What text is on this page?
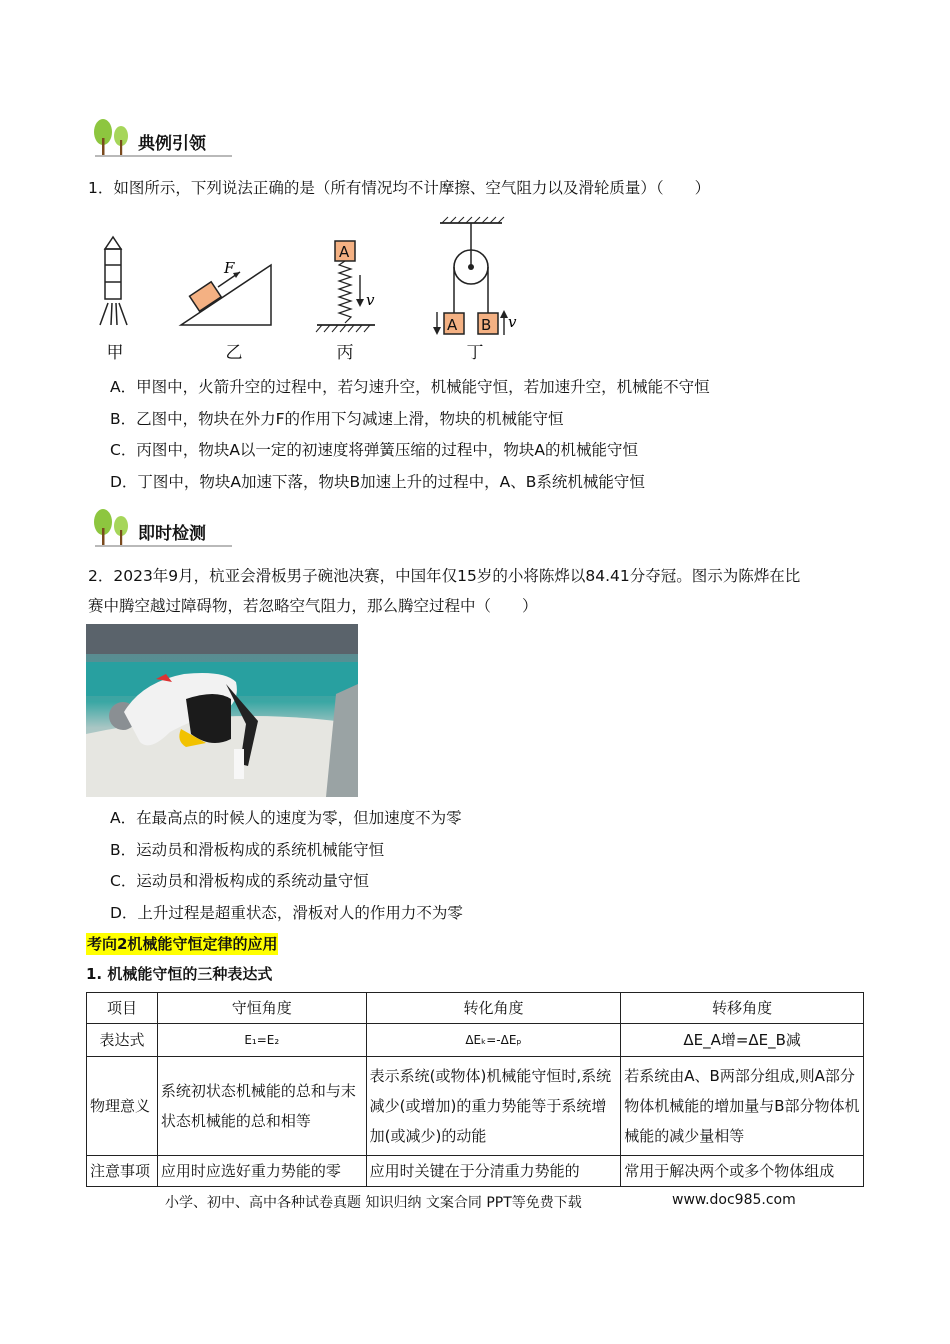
典例引领
1．如图所示，下列说法正确的是（所有情况均不计摩擦、空气阻力以及滑轮质量）（　　）
F
A
v
A B v
甲	乙	丙	丁
A．甲图中，火箭升空的过程中，若匀速升空，机械能守恒，若加速升空，机械能不守恒
B．乙图中，物块在外力F的作用下匀减速上滑，物块的机械能守恒
C．丙图中，物块A以一定的初速度将弹簧压缩的过程中，物块A的机械能守恒
D．丁图中，物块A加速下落，物块B加速上升的过程中，A、B系统机械能守恒
即时检测
2．2023年9月，杭亚会滑板男子碗池决赛，中国年仅15岁的小将陈烨以84.41分夺冠。图示为陈烨在比
赛中腾空越过障碍物，若忽略空气阻力，那么腾空过程中（　　）
A．在最高点的时候人的速度为零，但加速度不为零
B．运动员和滑板构成的系统机械能守恒
C．运动员和滑板构成的系统动量守恒
D．上升过程是超重状态，滑板对人的作用力不为零
考向2机械能守恒定律的应用
1. 机械能守恒的三种表达式
项目	守恒角度	转化角度	转移角度
表达式	E₁=E₂	ΔEₖ=-ΔEₚ	ΔE_A增=ΔE_B减
物理意义	系统初状态机械能的总和与末状态机械能的总和相等	表示系统(或物体)机械能守恒时,系统减少(或增加)的重力势能等于系统增加(或减少)的动能	若系统由A、B两部分组成,则A部分物体机械能的增加量与B部分物体机械能的减少量相等
注意事项	应用时应选好重力势能的零	应用时关键在于分清重力势能的	常用于解决两个或多个物体组成
小学、初中、高中各种试卷真题 知识归纳 文案合同 PPT等免费下载	www.doc985.com
